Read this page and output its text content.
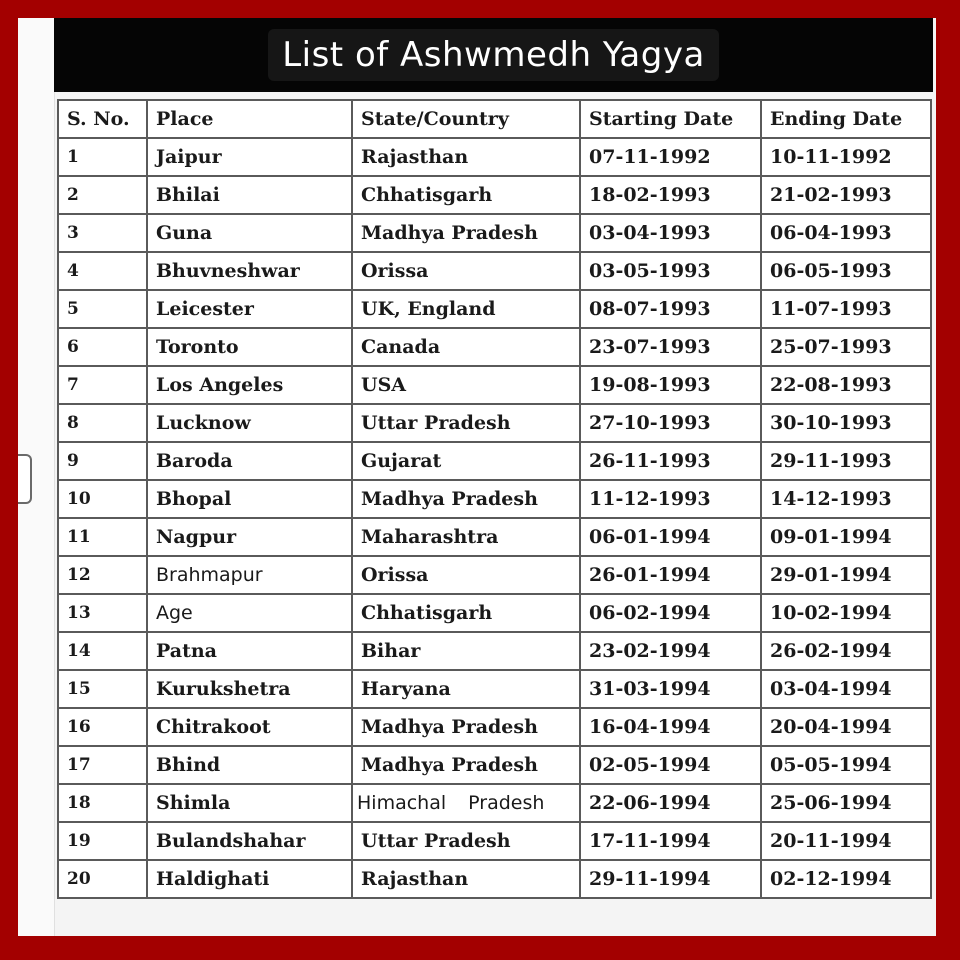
List of Ashwmedh Yagya
S. No.	Place	State/Country	Starting Date	Ending Date
1	Jaipur	Rajasthan	07-11-1992	10-11-1992
2	Bhilai	Chhatisgarh	18-02-1993	21-02-1993
3	Guna	Madhya Pradesh	03-04-1993	06-04-1993
4	Bhuvneshwar	Orissa	03-05-1993	06-05-1993
5	Leicester	UK, England	08-07-1993	11-07-1993
6	Toronto	Canada	23-07-1993	25-07-1993
7	Los Angeles	USA	19-08-1993	22-08-1993
8	Lucknow	Uttar Pradesh	27-10-1993	30-10-1993
9	Baroda	Gujarat	26-11-1993	29-11-1993
10	Bhopal	Madhya Pradesh	11-12-1993	14-12-1993
11	Nagpur	Maharashtra	06-01-1994	09-01-1994
12	Brahmapur	Orissa	26-01-1994	29-01-1994
13	Age	Chhatisgarh	06-02-1994	10-02-1994
14	Patna	Bihar	23-02-1994	26-02-1994
15	Kurukshetra	Haryana	31-03-1994	03-04-1994
16	Chitrakoot	Madhya Pradesh	16-04-1994	20-04-1994
17	Bhind	Madhya Pradesh	02-05-1994	05-05-1994
18	Shimla	Himachal Pradesh	22-06-1994	25-06-1994
19	Bulandshahar	Uttar Pradesh	17-11-1994	20-11-1994
20	Haldighati	Rajasthan	29-11-1994	02-12-1994
